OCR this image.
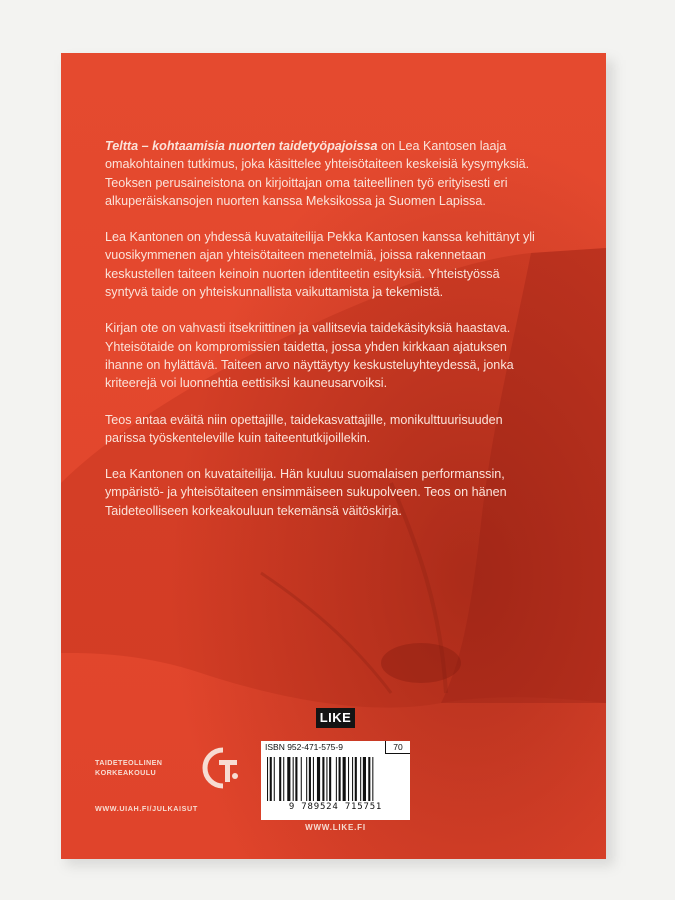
Teltta – kohtaamisia nuorten taidetyöpajoissa on Lea Kantosen laaja omakohtainen tutkimus, joka käsittelee yhteisötaiteen keskeisiä kysymyksiä. Teoksen perusaineistona on kirjoittajan oma taiteellinen työ erityisesti eri alkuperäiskansojen nuorten kanssa Meksikossa ja Suomen Lapissa.

Lea Kantonen on yhdessä kuvataiteilija Pekka Kantosen kanssa kehittänyt yli vuosikymmenen ajan yhteisötaiteen menetelmiä, joissa rakennetaan keskustellen taiteen keinoin nuorten identiteetin esityksiä. Yhteistyössä syntyvä taide on yhteiskunnallista vaikuttamista ja tekemistä.

Kirjan ote on vahvasti itsekriittinen ja vallitsevia taidekäsityksiä haastava. Yhteisötaide on kompromissien taidetta, jossa yhden kirkkaan ajatuksen ihanne on hylättävä. Taiteen arvo näyttäytyy keskusteluyhteydessä, jonka kriteerejä voi luonnehtia eettisiksi kauneusarvoiksi.

Teos antaa eväitä niin opettajille, taidekasvattajille, monikulttuurisuuden parissa työskenteleville kuin taiteentutkijoillekin.

Lea Kantonen on kuvataiteilija. Hän kuuluu suomalaisen performanssin, ympäristö- ja yhteisötaiteen ensimmäiseen sukupolveen. Teos on hänen Taideteolliseen korkeakouluun tekemänsä väitöskirja.

LIKE
TAIDETEOLLINEN
KORKEAKOULU
WWW.UIAH.FI/JULKAISUT
ISBN 952-471-575-9	70
9 789524 715751
WWW.LIKE.FI
